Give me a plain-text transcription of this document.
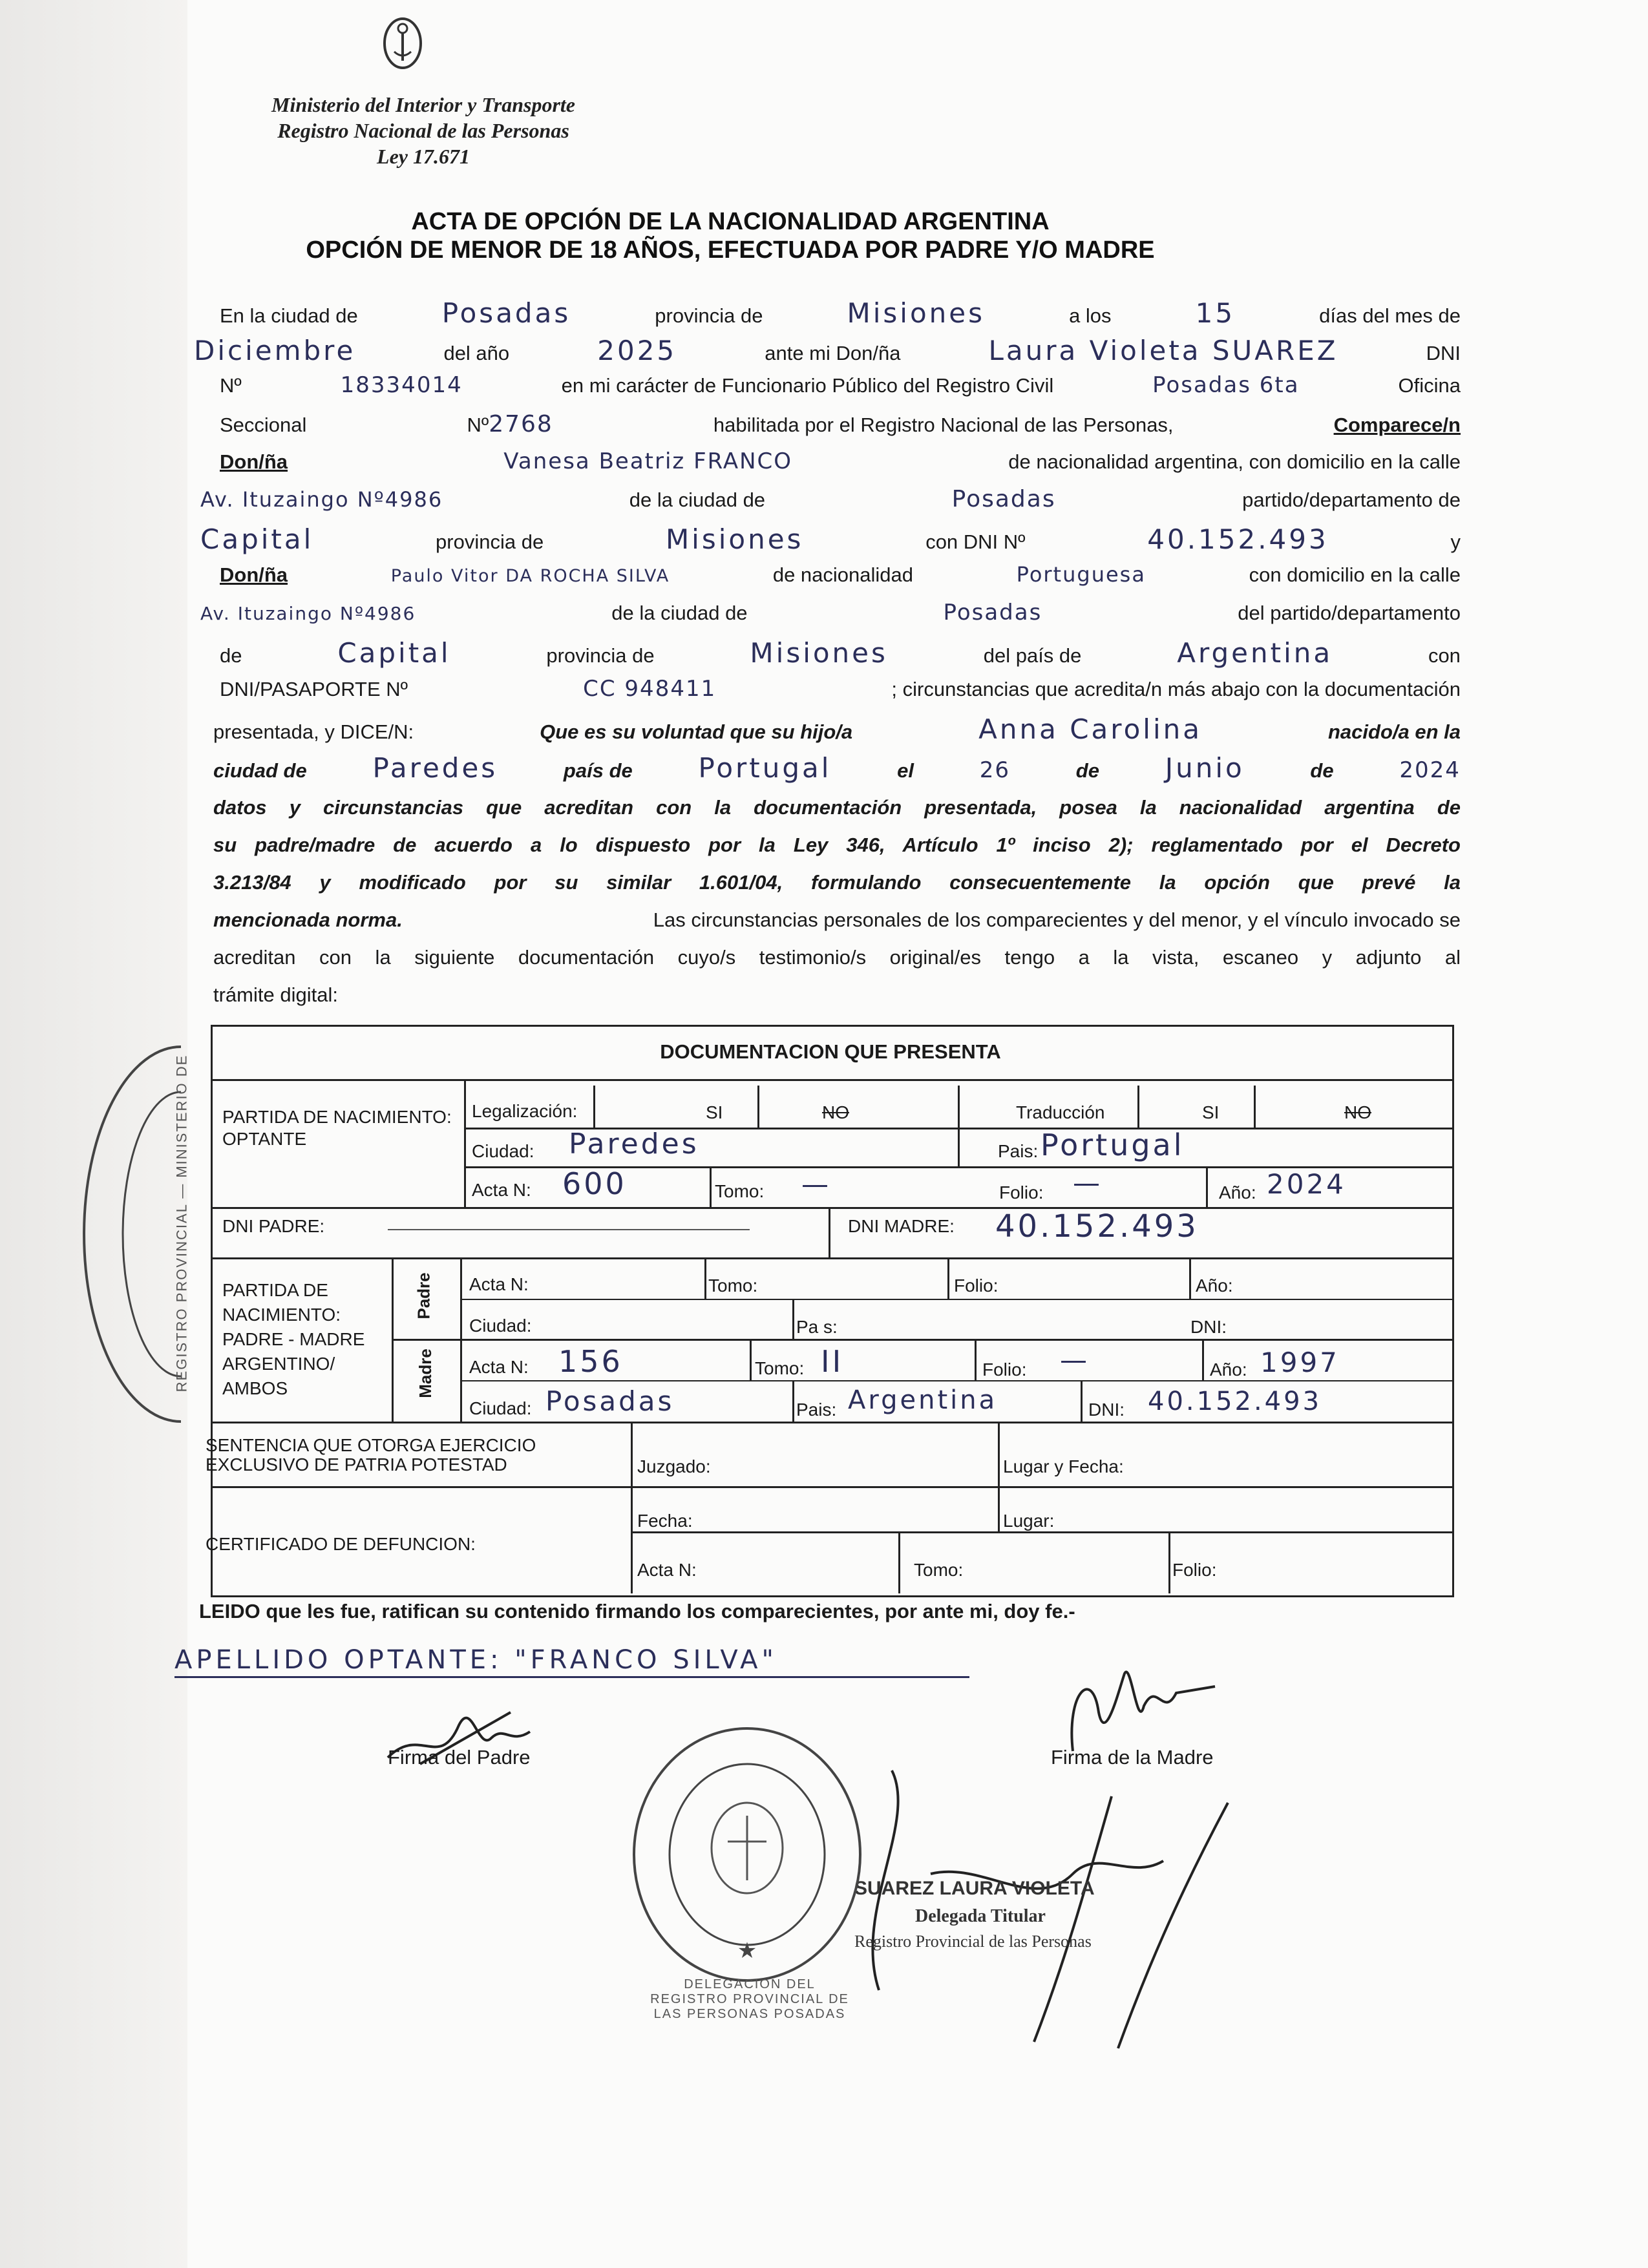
Ministerio del Interior y Transporte
Registro Nacional de las Personas
Ley 17.671
ACTA DE OPCIÓN DE LA NACIONALIDAD ARGENTINA
OPCIÓN DE MENOR DE 18 AÑOS, EFECTUADA POR PADRE Y/O MADRE
En la ciudad de	Posadas	provincia de	Misiones	a los	15	días del mes de
Diciembre	del año	2025	ante mi Don/ña	Laura Violeta SUAREZ	DNI
Nº	18334014	en mi carácter de Funcionario Público del Registro Civil	Posadas 6ta	Oficina
Seccional	Nº2768	habilitada por el Registro Nacional de las Personas,	Comparece/n
Don/ña	Vanesa Beatriz FRANCO	de nacionalidad argentina, con domicilio en la calle
Av. Ituzaingo Nº4986	de la ciudad de	Posadas	partido/departamento de
Capital	provincia de	Misiones	con DNI Nº	40.152.493	y
Don/ña	Paulo Vitor DA ROCHA SILVA	de nacionalidad	Portuguesa	con domicilio en la calle
Av. Ituzaingo Nº4986	de la ciudad de	Posadas	del partido/departamento
de	Capital	provincia de	Misiones	del país de	Argentina	con
DNI/PASAPORTE Nº	CC 948411	; circunstancias que acredita/n más abajo con la documentación
presentada, y DICE/N:	Que es su voluntad que su hijo/a	Anna Carolina	nacido/a en la
ciudad de Paredes	país de Portugal	el	26	de Junio	de	2024
datos y circunstancias que acreditan con la documentación presentada, posea la nacionalidad argentina de
su padre/madre de acuerdo a lo dispuesto por la Ley 346, Artículo 1º inciso 2); reglamentado por el Decreto
3.213/84 y modificado por su similar 1.601/04, formulando consecuentemente la opción que prevé la
mencionada norma.	Las circunstancias personales de los comparecientes y del menor, y el vínculo invocado se
acreditan con la siguiente documentación cuyo/s testimonio/s original/es tengo a la vista, escaneo y adjunto al
trámite digital:
DOCUMENTACION QUE PRESENTA
PARTIDA DE NACIMIENTO: OPTANTE
Legalización:	SI	NO	Traducción	SI	NO
Ciudad: Paredes	Pais: Portugal
Acta N: 600	Tomo: —	Folio: —	Año: 2024
DNI PADRE:	DNI MADRE: 40.152.493
PARTIDA DE NACIMIENTO: PADRE - MADRE ARGENTINO/ AMBOS
Padre
Madre
Acta N:	Tomo:	Folio:	Año:
Ciudad:	Pa s:	DNI:
Acta N: 156	Tomo: II	Folio: —	Año: 1997
Ciudad: Posadas	Pais: Argentina	DNI: 40.152.493
SENTENCIA QUE OTORGA EJERCICIO EXCLUSIVO DE PATRIA POTESTAD	Juzgado:	Lugar y Fecha:
CERTIFICADO DE DEFUNCION:
Fecha:	Lugar:
Acta N:	Tomo:	Folio:
LEIDO que les fue, ratifican su contenido firmando los comparecientes, por ante mi, doy fe.-
APELLIDO OPTANTE: "FRANCO SILVA"
Firma del Padre	Firma de la Madre
SUAREZ LAURA VIOLETA
Delegada Titular
Registro Provincial de las Personas
★
DELEGACION DEL REGISTRO PROVINCIAL DE LAS PERSONAS POSADAS
REGISTRO PROVINCIAL — MINISTERIO DE
